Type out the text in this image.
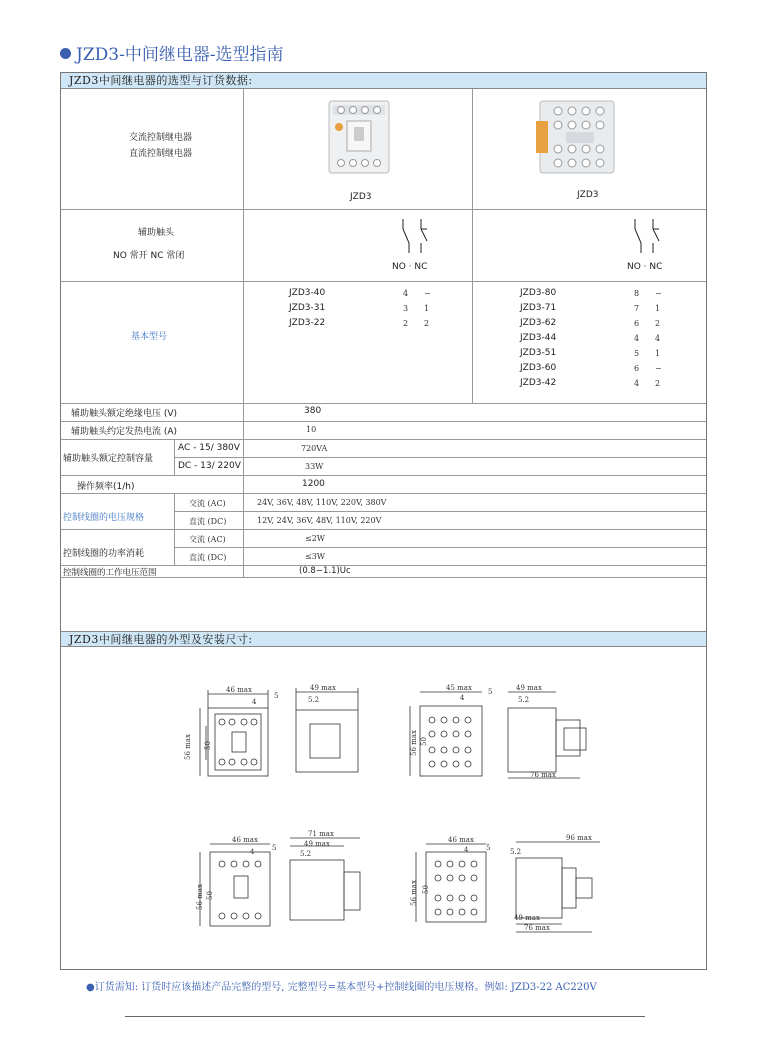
JZD3-中间继电器-选型指南
JZD3中间继电器的选型与订货数据:
交流控制继电器
直流控制继电器
JZD3	JZD3
辅助触头
NO 常开 NC 常闭
NO · NC	NO · NC
基本型号
JZD3-40	4 −
JZD3-31	3 1
JZD3-22	2 2
JZD3-80	8 −
JZD3-71	7 1
JZD3-62	6 2
JZD3-44	4 4
JZD3-51	5 1
JZD3-60	6 −
JZD3-42	4 2
辅助触头额定绝缘电压 (V)	380
辅助触头约定发热电流 (A)	10
辅助触头额定控制容量
AC - 15/ 380V	720VA
DC - 13/ 220V	33W
操作频率(1/h)	1200
控制线圈的电压规格
交流 (AC)	24V, 36V, 48V, 110V, 220V, 380V
直流 (DC)	12V, 24V, 36V, 48V, 110V, 220V
控制线圈的功率消耗
交流 (AC)	≤2W
直流 (DC)	≤3W
控制线圈的工作电压范围	(0.8−1.1)Uc
JZD3中间继电器的外型及安装尺寸:
46 max
4
5
49 max
5.2
56 max 50
45 max
4
5	49 max
5.2
56 max 50
76 max
46 max
4	5
71 max
49 max
5.2
56 max 50
46 max
4	5
96 max
5.2
56 max 50
49 max
76 max
●订货需知: 订货时应该描述产品完整的型号, 完整型号=基本型号+控制线圈的电压规格。例如: JZD3-22 AC220V
